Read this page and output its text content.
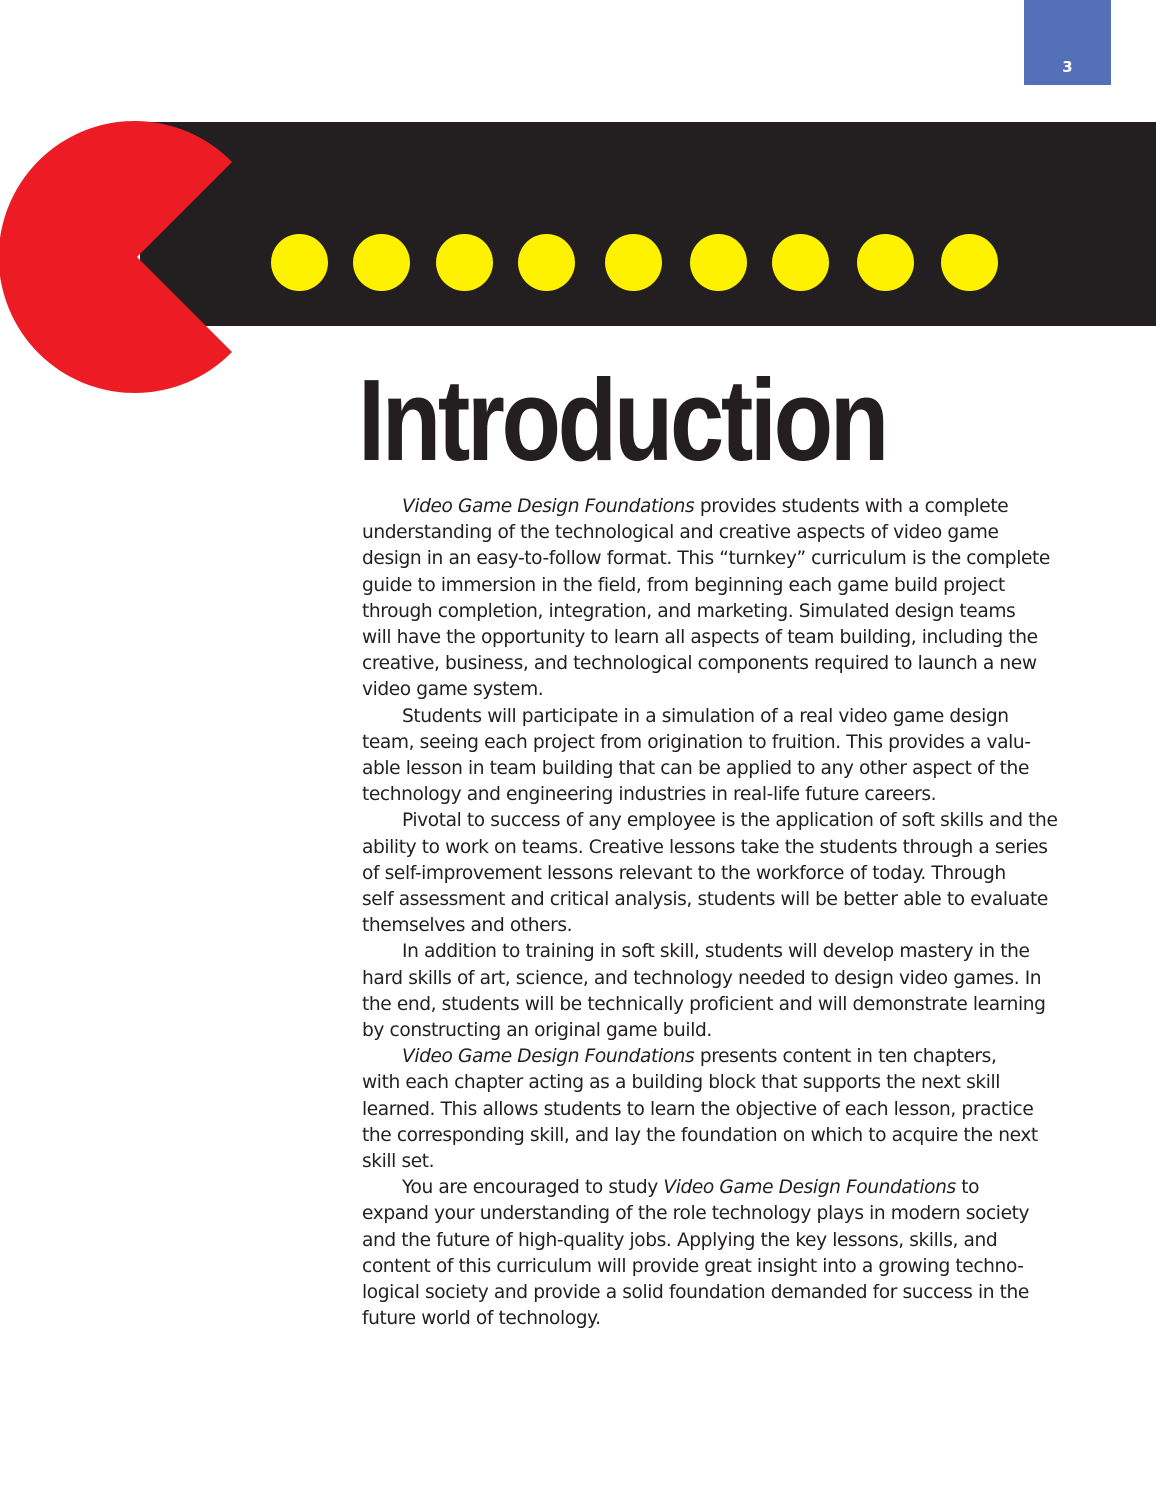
3
Introduction

Video Game Design Foundations provides students with a complete
understanding of the technological and creative aspects of video game
design in an easy-to-follow format. This “turnkey” curriculum is the complete
guide to immersion in the field, from beginning each game build project
through completion, integration, and marketing. Simulated design teams
will have the opportunity to learn all aspects of team building, including the
creative, business, and technological components required to launch a new
video game system.

Students will participate in a simulation of a real video game design
team, seeing each project from origination to fruition. This provides a valu-
able lesson in team building that can be applied to any other aspect of the
technology and engineering industries in real-life future careers.

Pivotal to success of any employee is the application of soft skills and the
ability to work on teams. Creative lessons take the students through a series
of self-improvement lessons relevant to the workforce of today. Through
self assessment and critical analysis, students will be better able to evaluate
themselves and others.

In addition to training in soft skill, students will develop mastery in the
hard skills of art, science, and technology needed to design video games. In
the end, students will be technically proficient and will demonstrate learning
by constructing an original game build.

Video Game Design Foundations presents content in ten chapters,
with each chapter acting as a building block that supports the next skill
learned. This allows students to learn the objective of each lesson, practice
the corresponding skill, and lay the foundation on which to acquire the next
skill set.

You are encouraged to study Video Game Design Foundations to
expand your understanding of the role technology plays in modern society
and the future of high-quality jobs. Applying the key lessons, skills, and
content of this curriculum will provide great insight into a growing techno-
logical society and provide a solid foundation demanded for success in the
future world of technology.
